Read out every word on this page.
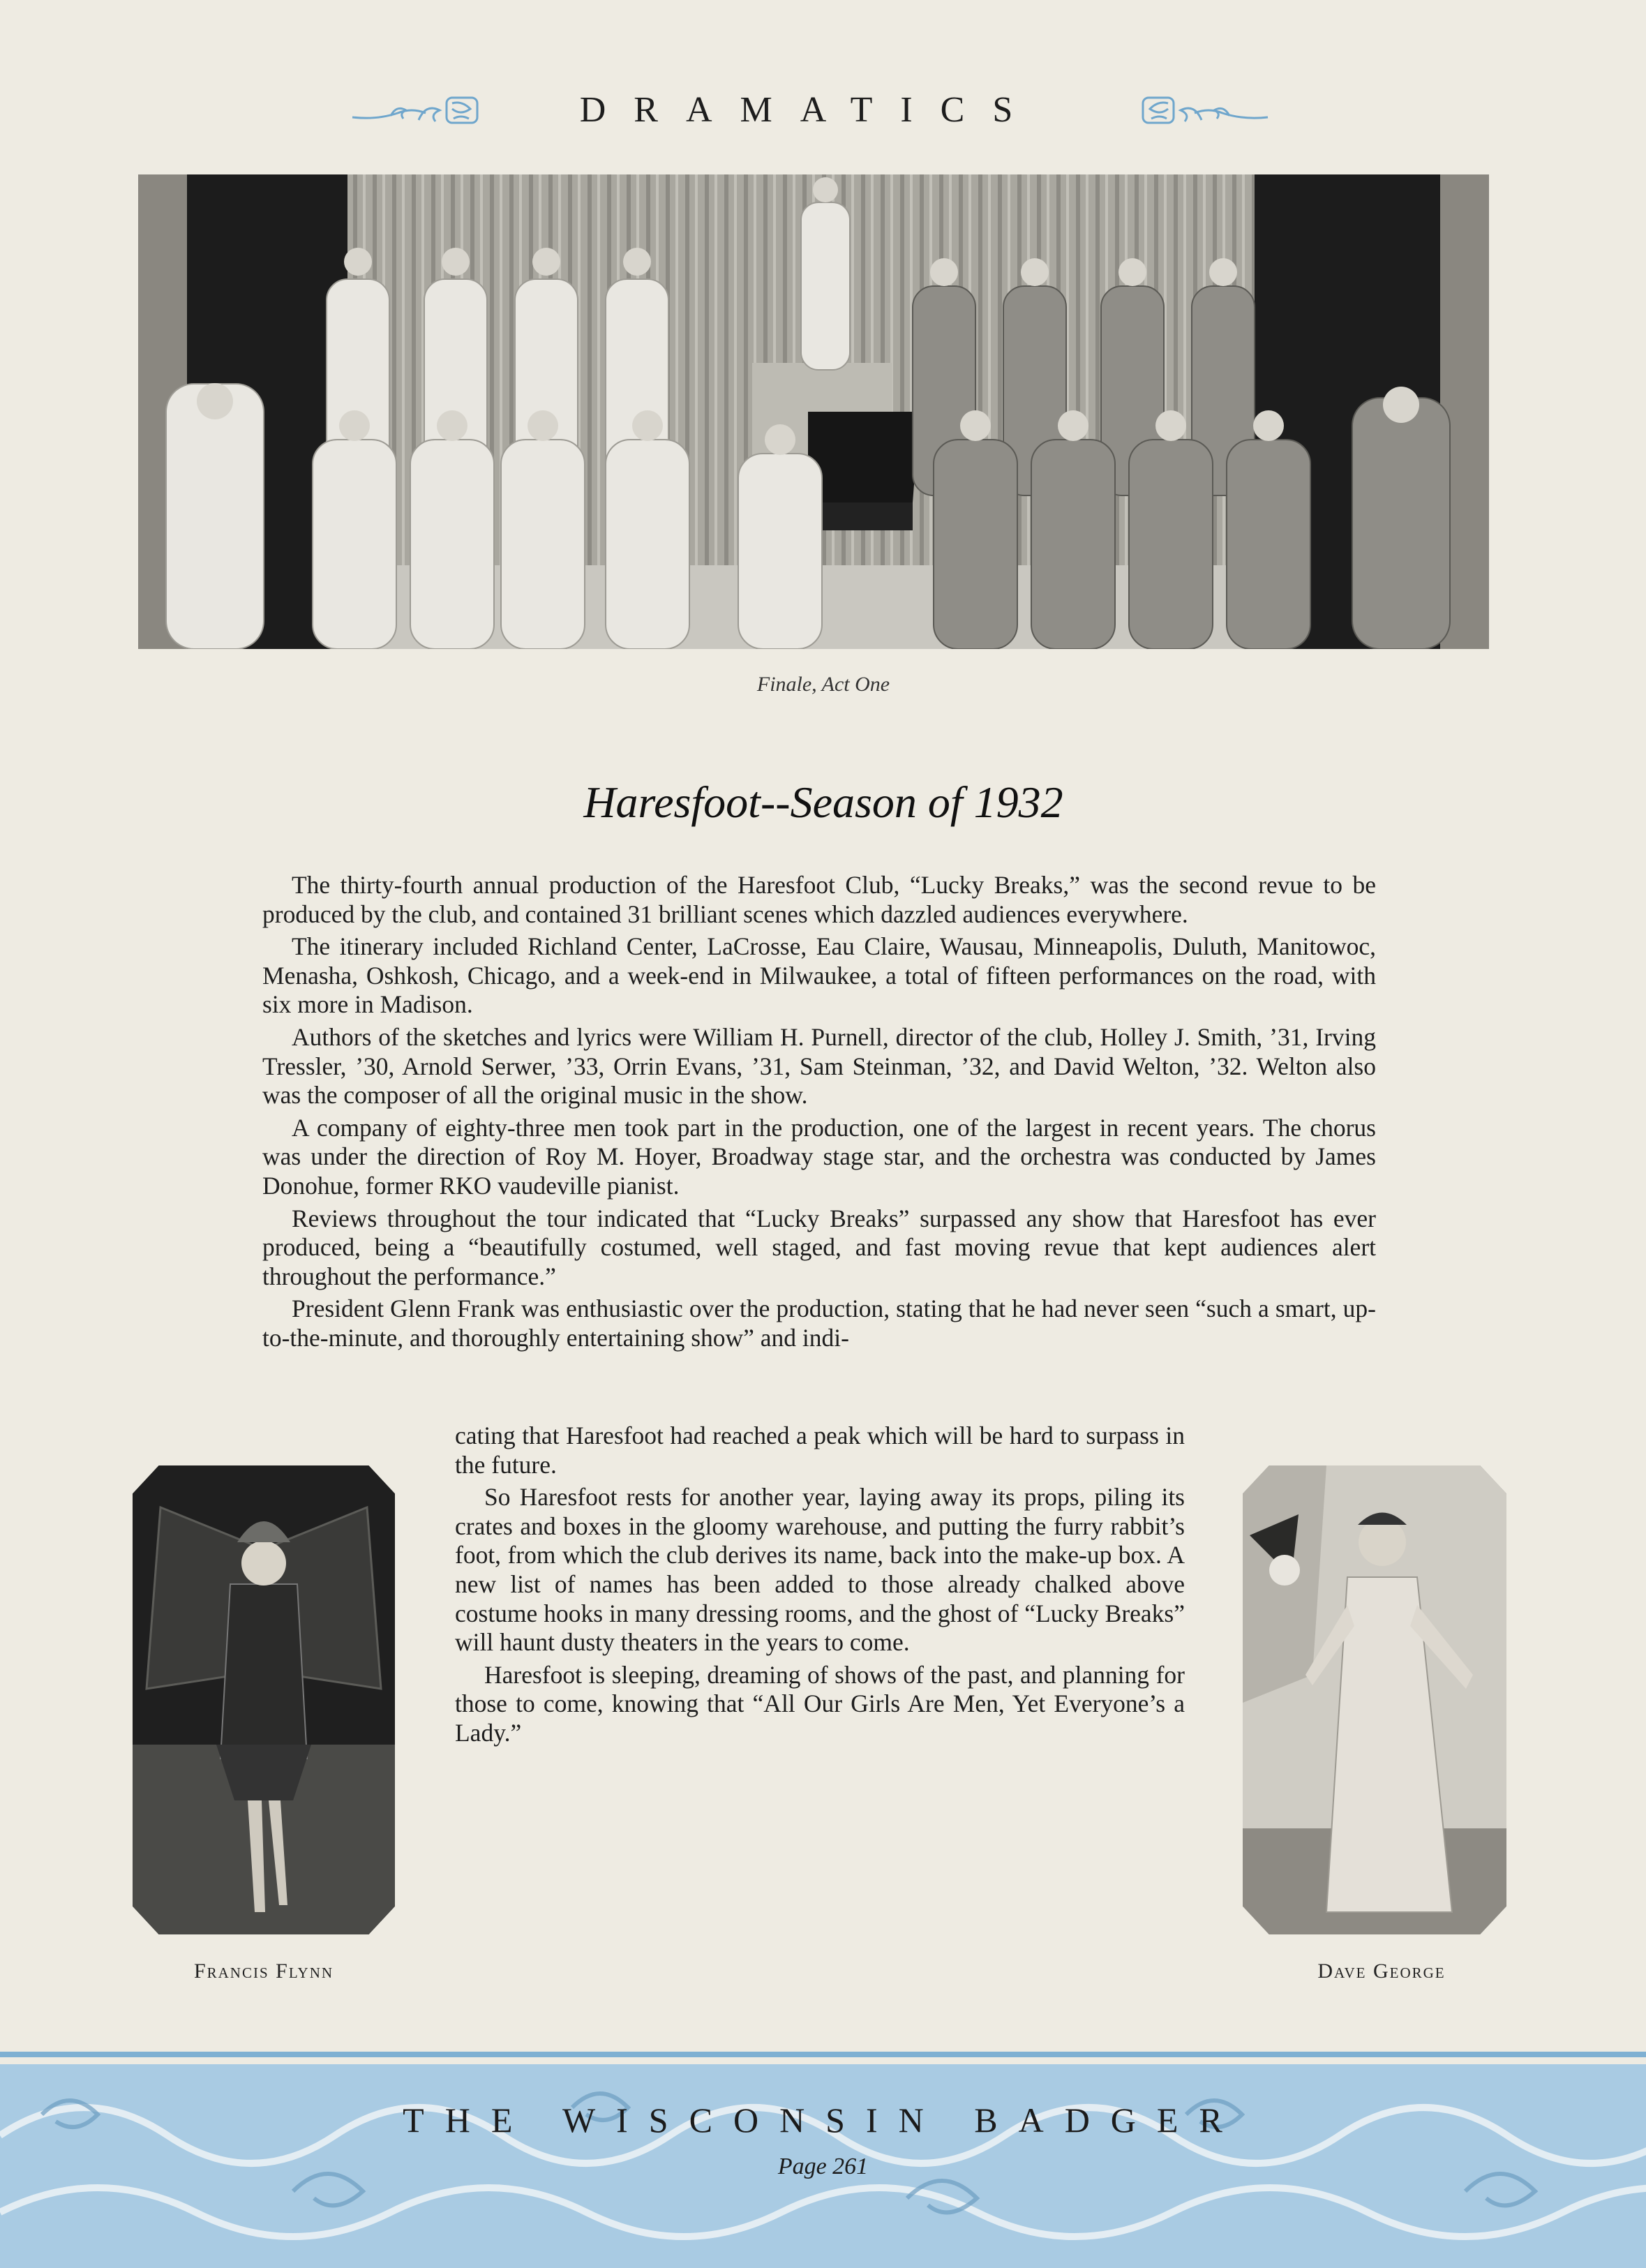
DRAMATICS
Finale, Act One
Haresfoot--Season of 1932

The thirty-fourth annual production of the Haresfoot Club, “Lucky Breaks,” was the second revue to be produced by the club, and contained 31 brilliant scenes which dazzled audiences everywhere.

The itinerary included Richland Center, LaCrosse, Eau Claire, Wausau, Minneapolis, Duluth, Manitowoc, Menasha, Oshkosh, Chicago, and a week-end in Milwaukee, a total of fifteen performances on the road, with six more in Madison.

Authors of the sketches and lyrics were William H. Purnell, director of the club, Holley J. Smith, ’31, Irving Tressler, ’30, Arnold Serwer, ’33, Orrin Evans, ’31, Sam Steinman, ’32, and David Welton, ’32. Welton also was the composer of all the original music in the show.

A company of eighty-three men took part in the production, one of the largest in recent years. The chorus was under the direction of Roy M. Hoyer, Broadway stage star, and the orchestra was conducted by James Donohue, former RKO vaudeville pianist.

Reviews throughout the tour indicated that “Lucky Breaks” surpassed any show that Haresfoot has ever produced, being a “beautifully costumed, well staged, and fast moving revue that kept audiences alert throughout the performance.”

President Glenn Frank was enthusiastic over the production, stating that he had never seen “such a smart, up-to-the-minute, and thoroughly entertaining show” and indi-

cating that Haresfoot had reached a peak which will be hard to surpass in the future.

So Haresfoot rests for another year, laying away its props, piling its crates and boxes in the gloomy warehouse, and putting the furry rabbit’s foot, from which the club derives its name, back into the make-up box. A new list of names has been added to those already chalked above costume hooks in many dressing rooms, and the ghost of “Lucky Breaks” will haunt dusty theaters in the years to come.

Haresfoot is sleeping, dreaming of shows of the past, and planning for those to come, knowing that “All Our Girls Are Men, Yet Everyone’s a Lady.”

Francis Flynn	Dave George
THE WISCONSIN BADGER
Page 261
